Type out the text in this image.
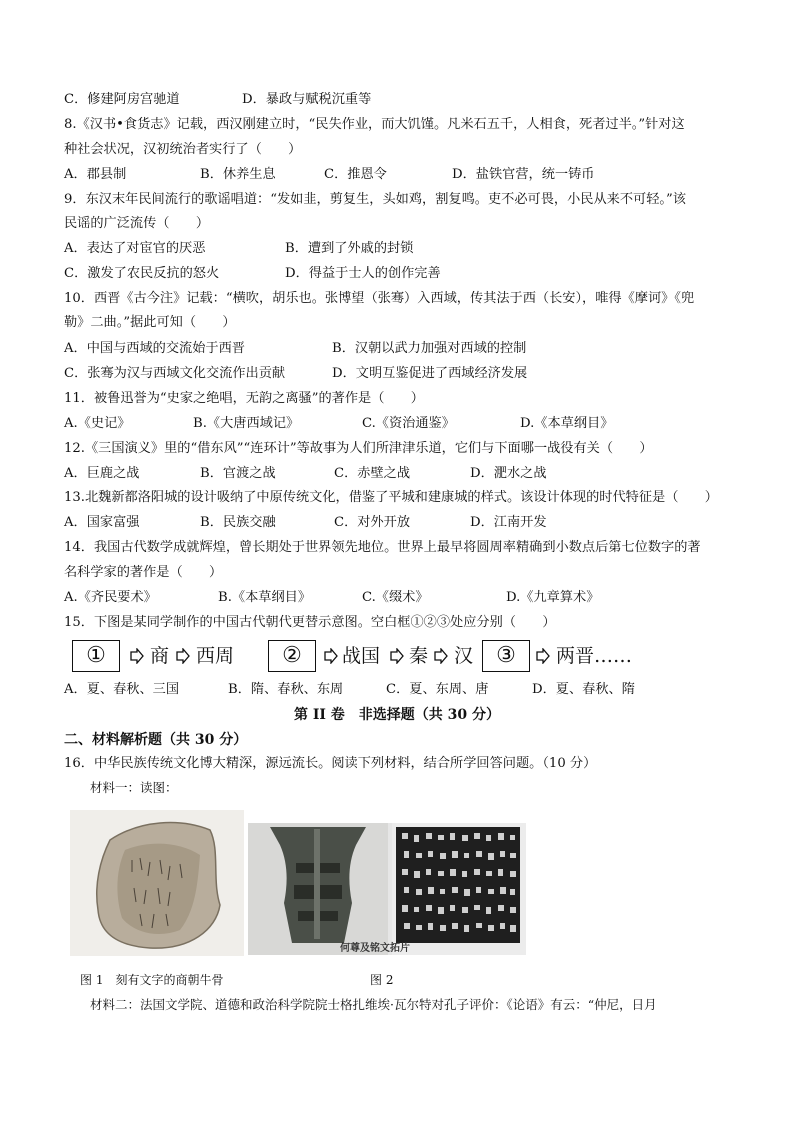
C．修建阿房宫驰道	D．暴政与赋税沉重等
8.《汉书•食货志》记载，西汉刚建立时，“民失作业，而大饥馑。凡米石五千，人相食，死者过半。”针对这
种社会状况，汉初统治者实行了（　　）
A．郡县制	B．休养生息	C．推恩令	D．盐铁官营，统一铸币
9．东汉末年民间流行的歌谣唱道：“发如韭，剪复生，头如鸡，割复鸣。吏不必可畏，小民从来不可轻。”该
民谣的广泛流传（　　）
A．表达了对宦官的厌恶	B．遭到了外戚的封锁
C．激发了农民反抗的怒火	D．得益于士人的创作完善
10．西晋《古今注》记载：“横吹，胡乐也。张博望（张骞）入西域，传其法于西（长安），唯得《摩诃》《兜
勒》二曲。”据此可知（　　）
A．中国与西域的交流始于西晋	B．汉朝以武力加强对西域的控制
C．张骞为汉与西域文化交流作出贡献	D．文明互鉴促进了西域经济发展
11．被鲁迅誉为“史家之绝唱，无韵之离骚”的著作是（　　）
A.《史记》	B.《大唐西域记》	C.《资治通鉴》	D.《本草纲目》
12.《三国演义》里的“借东风”“连环计”等故事为人们所津津乐道，它们与下面哪一战役有关（　　）
A．巨鹿之战	B．官渡之战	C．赤壁之战	D．淝水之战
13.北魏新都洛阳城的设计吸纳了中原传统文化，借鉴了平城和建康城的样式。该设计体现的时代特征是（　　）
A．国家富强	B．民族交融	C．对外开放	D．江南开发
14．我国古代数学成就辉煌，曾长期处于世界领先地位。世界上最早将圆周率精确到小数点后第七位数字的著
名科学家的著作是（　　）
A.《齐民要术》	B.《本草纲目》	C.《缀术》	D.《九章算术》
15．下图是某同学制作的中国古代朝代更替示意图。空白框①②③处应分别（　　）
①	商 西周	②	战国 秦 汉	③	两晋……
A．夏、春秋、三国	B．隋、春秋、东周	C．夏、东周、唐	D．夏、春秋、隋
第 II 卷　非选择题（共 30 分）
二、材料解析题（共 30 分）
16．中华民族传统文化博大精深，源远流长。阅读下列材料，结合所学回答问题。（10 分）
材料一：读图：
何尊及铭文拓片
图 1　刻有文字的商朝牛骨	图 2
材料二：法国文学院、道德和政治科学院院士格扎维埃·瓦尔特对孔子评价：《论语》有云：“仲尼，日月
